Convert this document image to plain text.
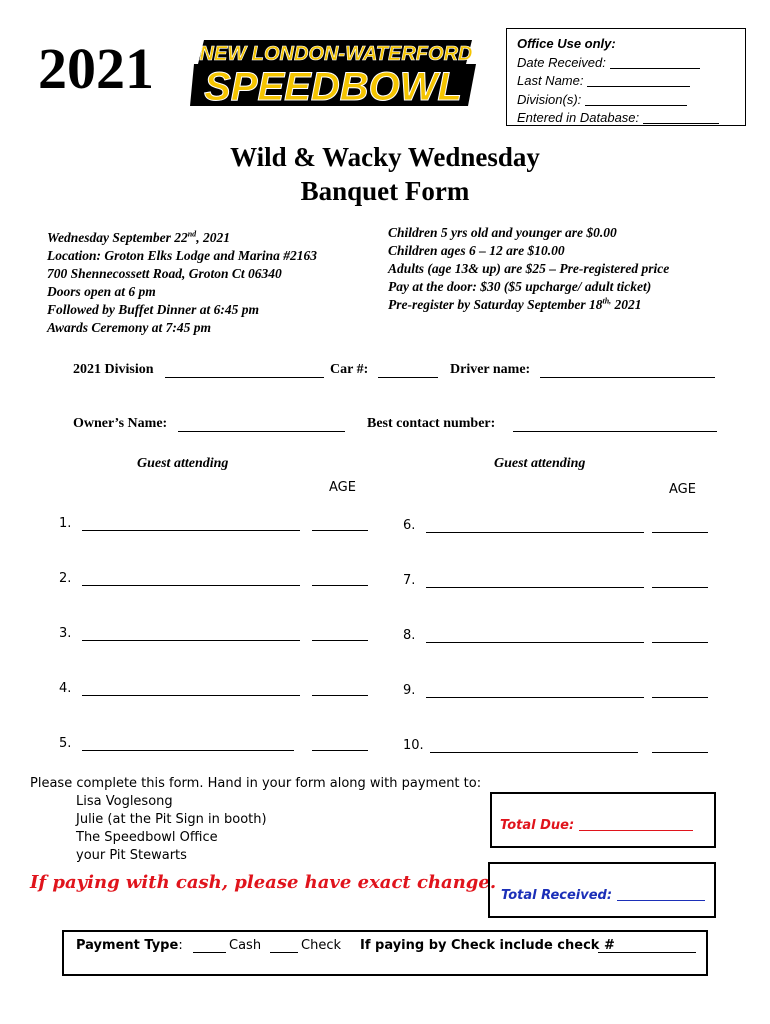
2021 NEW LONDON-WATERFORD
SPEEDBOWL
Office Use only:
Date Received:
Last Name:
Division(s):
Entered in Database:
Wild & Wacky Wednesday
Banquet Form
Wednesday September 22nd, 2021
Location: Groton Elks Lodge and Marina #2163
700 Shennecossett Road, Groton Ct 06340
Doors open at 6 pm
Followed by Buffet Dinner at 6:45 pm
Awards Ceremony at 7:45 pm
Children 5 yrs old and younger are $0.00
Children ages 6 – 12 are $10.00
Adults (age 13& up) are $25 – Pre-registered price
Pay at the door: $30 ($5 upcharge/ adult ticket)
Pre-register by Saturday September $18^{th,}$ 2021
2021 Division	Car #:	Driver name:
Owner’s Name:	Best contact number:
Guest attending	Guest attending
AGE	AGE
1.
2.
3.
4.
5.
6.
7.
8.
9.
10.
Please complete this form. Hand in your form along with payment to:
Lisa Voglesong
Julie (at the Pit Sign in booth)
The Speedbowl Office
your Pit Stewarts
If paying with cash, please have exact change.
Total Due:
Total Received:
Payment Type:	Cash	Check If paying by Check include check #
